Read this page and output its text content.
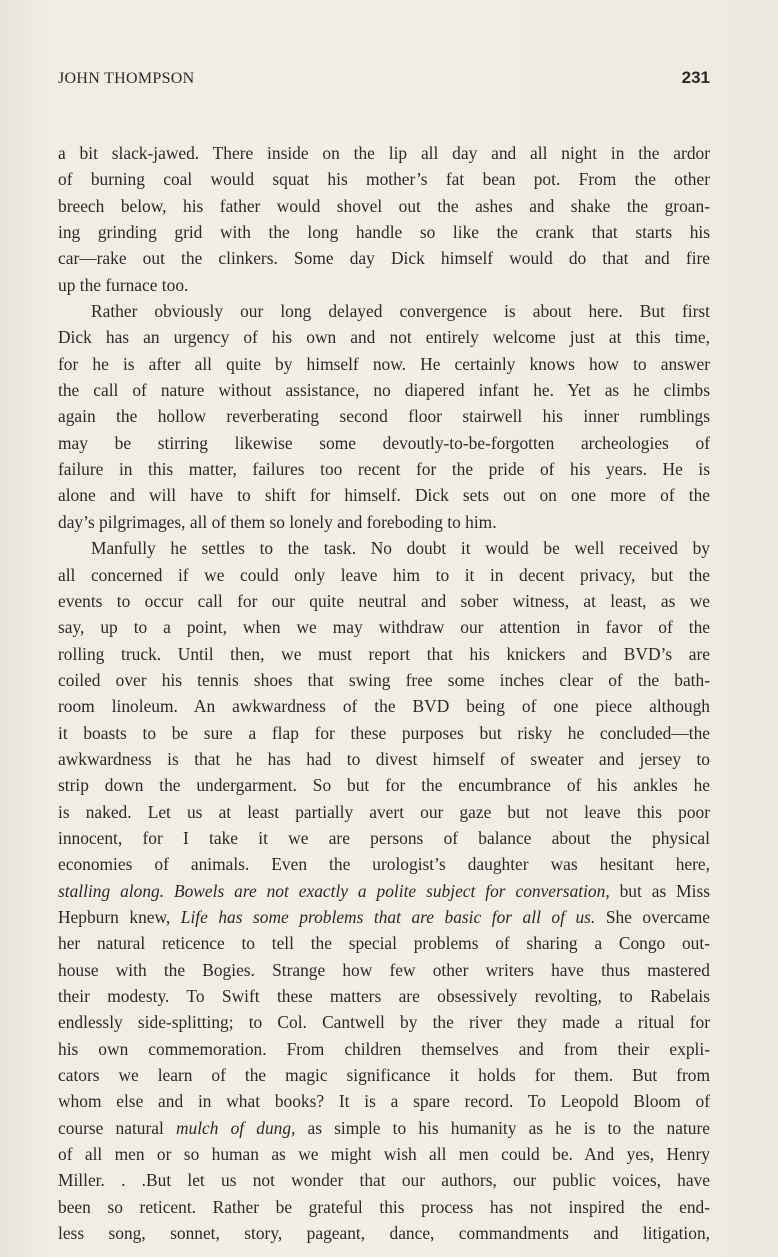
JOHN THOMPSON	231

a bit slack-jawed. There inside on the lip all day and all night in the ardor
of burning coal would squat his mother’s fat bean pot. From the other
breech below, his father would shovel out the ashes and shake the groan-
ing grinding grid with the long handle so like the crank that starts his
car—rake out the clinkers. Some day Dick himself would do that and fire
up the furnace too.

Rather obviously our long delayed convergence is about here. But first
Dick has an urgency of his own and not entirely welcome just at this time,
for he is after all quite by himself now. He certainly knows how to answer
the call of nature without assistance, no diapered infant he. Yet as he climbs
again the hollow reverberating second floor stairwell his inner rumblings
may be stirring likewise some devoutly-to-be-forgotten archeologies of
failure in this matter, failures too recent for the pride of his years. He is
alone and will have to shift for himself. Dick sets out on one more of the
day’s pilgrimages, all of them so lonely and foreboding to him.

Manfully he settles to the task. No doubt it would be well received by
all concerned if we could only leave him to it in decent privacy, but the
events to occur call for our quite neutral and sober witness, at least, as we
say, up to a point, when we may withdraw our attention in favor of the
rolling truck. Until then, we must report that his knickers and BVD’s are
coiled over his tennis shoes that swing free some inches clear of the bath-
room linoleum. An awkwardness of the BVD being of one piece although
it boasts to be sure a flap for these purposes but risky he concluded—the
awkwardness is that he has had to divest himself of sweater and jersey to
strip down the undergarment. So but for the encumbrance of his ankles he
is naked. Let us at least partially avert our gaze but not leave this poor
innocent, for I take it we are persons of balance about the physical
economies of animals. Even the urologist’s daughter was hesitant here,
stalling along. Bowels are not exactly a polite subject for conversation, but as Miss
Hepburn knew, Life has some problems that are basic for all of us. She overcame
her natural reticence to tell the special problems of sharing a Congo out-
house with the Bogies. Strange how few other writers have thus mastered
their modesty. To Swift these matters are obsessively revolting, to Rabelais
endlessly side-splitting; to Col. Cantwell by the river they made a ritual for
his own commemoration. From children themselves and from their expli-
cators we learn of the magic significance it holds for them. But from
whom else and in what books? It is a spare record. To Leopold Bloom of
course natural mulch of dung, as simple to his humanity as he is to the nature
of all men or so human as we might wish all men could be. And yes, Henry
Miller. . .But let us not wonder that our authors, our public voices, have
been so reticent. Rather be grateful this process has not inspired the end-
less song, sonnet, story, pageant, dance, commandments and litigation,
